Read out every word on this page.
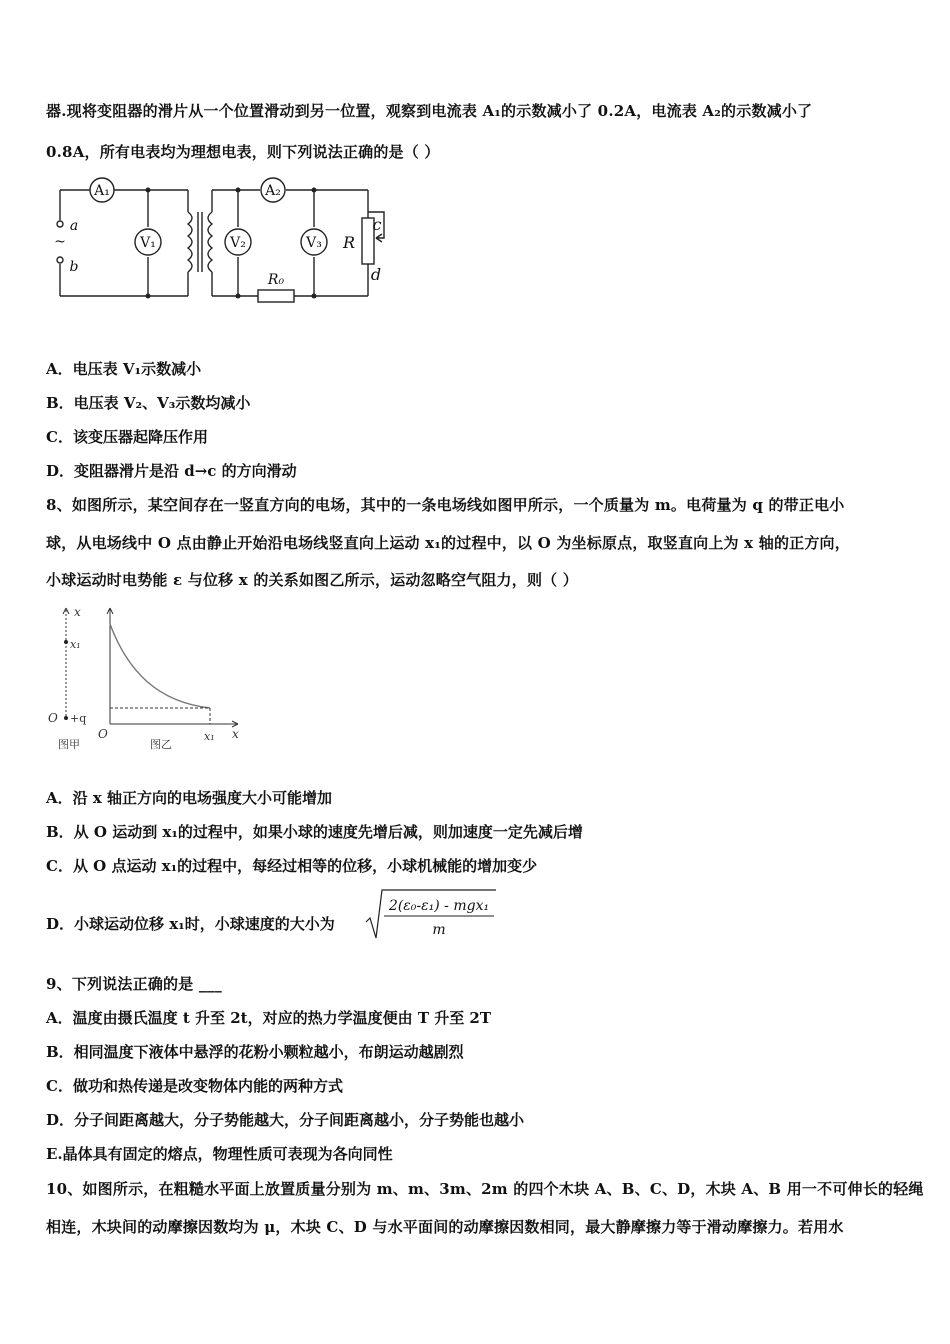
器.现将变阻器的滑片从一个位置滑动到另一位置，观察到电流表 A₁的示数减小了 0.2A，电流表 A₂的示数减小了
0.8A，所有电表均为理想电表，则下列说法正确的是（ ）
A₁	A₂
V₁	V₂	V₃
a
~
b
R₀
R
c
d
A．电压表 V₁示数减小
B．电压表 V₂、V₃示数均减小
C．该变压器起降压作用
D．变阻器滑片是沿 d→c 的方向滑动
8、如图所示，某空间存在一竖直方向的电场，其中的一条电场线如图甲所示，一个质量为 m。电荷量为 q 的带正电小
球，从电场线中 O 点由静止开始沿电场线竖直向上运动 x₁的过程中，以 O 为坐标原点，取竖直向上为 x 轴的正方向，
小球运动时电势能 ε 与位移 x 的关系如图乙所示，运动忽略空气阻力，则（ ）
x
x₁
O +q
图甲
O	x₁ x
图乙
A．沿 x 轴正方向的电场强度大小可能增加
B．从 O 运动到 x₁的过程中，如果小球的速度先增后减，则加速度一定先减后增
C．从 O 点运动 x₁的过程中，每经过相等的位移，小球机械能的增加变少
D．小球运动位移 x₁时，小球速度的大小为
2(ε₀-ε₁) - mgx₁
m
9、下列说法正确的是 ___
A．温度由摄氏温度 t 升至 2t，对应的热力学温度便由 T 升至 2T
B．相同温度下液体中悬浮的花粉小颗粒越小，布朗运动越剧烈
C．做功和热传递是改变物体内能的两种方式
D．分子间距离越大，分子势能越大，分子间距离越小，分子势能也越小
E.晶体具有固定的熔点，物理性质可表现为各向同性
10、如图所示，在粗糙水平面上放置质量分别为 m、m、3m、2m 的四个木块 A、B、C、D，木块 A、B 用一不可伸长的轻绳
相连，木块间的动摩擦因数均为 μ，木块 C、D 与水平面间的动摩擦因数相同，最大静摩擦力等于滑动摩擦力。若用水
